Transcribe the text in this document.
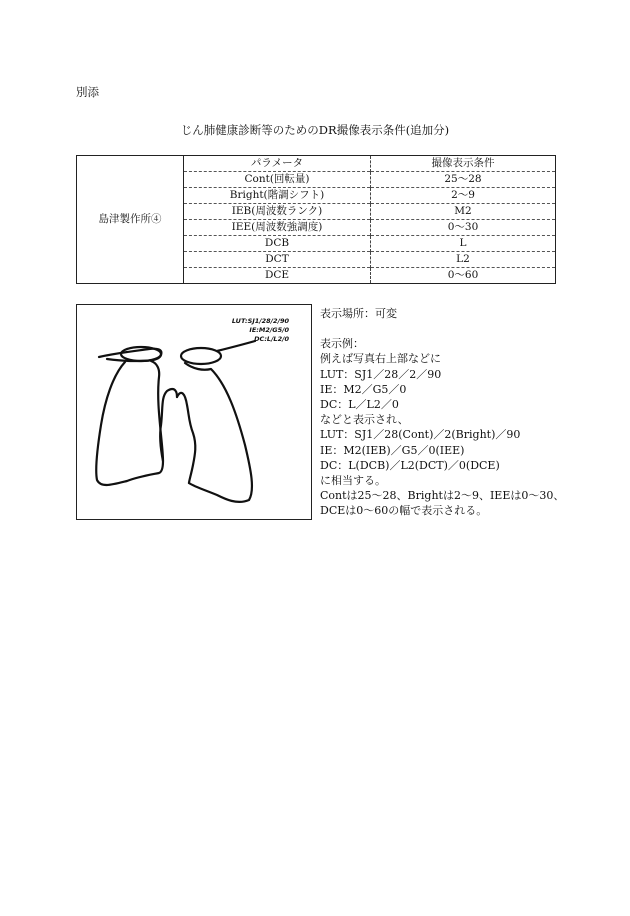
別添
じん肺健康診断等のためのDR撮像表示条件(追加分)
島津製作所④	パラメータ	撮像表示条件
	Cont(回転量)	25〜28
	Bright(階調シフト)	2〜9
	IEB(周波数ランク)	M2
	IEE(周波数強調度)	0〜30
	DCB	L
	DCT	L2
	DCE	0〜60
LUT:SJ1/28/2/90
IE:M2/G5/0
DC:L/L2/0
表示場所：可変
表示例：
例えば写真右上部などに
LUT：SJ1／28／2／90
IE：M2／G5／0
DC：L／L2／0
などと表示され、
LUT：SJ1／28(Cont)／2(Bright)／90
IE：M2(IEB)／G5／0(IEE)
DC：L(DCB)／L2(DCT)／0(DCE)
に相当する。
Contは25〜28、Brightは2〜9、IEEは0〜30、
DCEは0〜60の幅で表示される。
